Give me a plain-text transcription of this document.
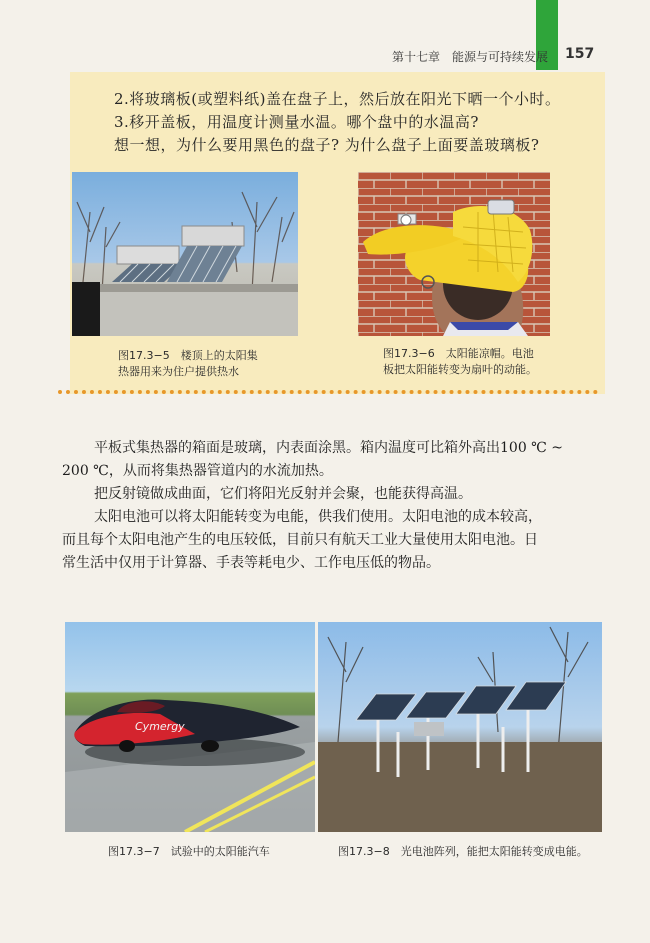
第十七章　能源与可持续发展 157
2.将玻璃板(或塑料纸)盖在盘子上，然后放在阳光下晒一个小时。
3.移开盖板，用温度计测量水温。哪个盘中的水温高?
想一想，为什么要用黑色的盘子? 为什么盘子上面要盖玻璃板?
图17.3−5　楼顶上的太阳集
热器用来为住户提供热水
图17.3−6　太阳能凉帽。电池
板把太阳能转变为扇叶的动能。
平板式集热器的箱面是玻璃，内表面涂黑。箱内温度可比箱外高出100 ℃ ~
200 ℃，从而将集热器管道内的水流加热。
把反射镜做成曲面，它们将阳光反射并会聚，也能获得高温。
太阳电池可以将太阳能转变为电能，供我们使用。太阳电池的成本较高，
而且每个太阳电池产生的电压较低，目前只有航天工业大量使用太阳电池。日
常生活中仅用于计算器、手表等耗电少、工作电压低的物品。
Cymergy
图17.3−7　试验中的太阳能汽车	图17.3−8　光电池阵列，能把太阳能转变成电能。
